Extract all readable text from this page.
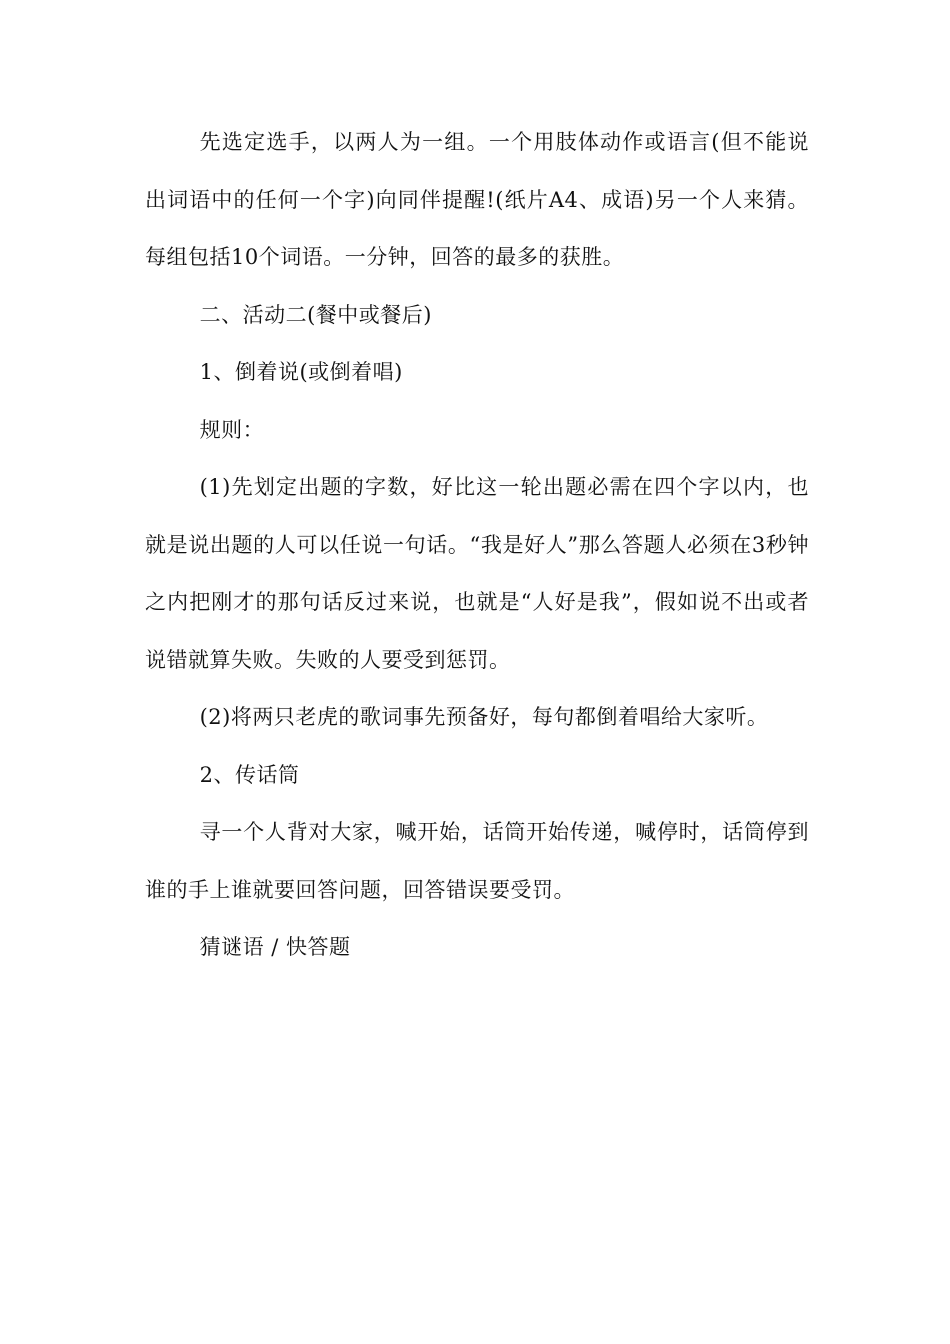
先选定选手，以两人为一组。一个用肢体动作或语言(但不能说出词语中的任何一个字)向同伴提醒!(纸片A4、成语)另一个人来猜。每组包括10个词语。一分钟，回答的最多的获胜。

二、活动二(餐中或餐后)

1、倒着说(或倒着唱)

规则：

(1)先划定出题的字数，好比这一轮出题必需在四个字以内，也就是说出题的人可以任说一句话。“我是好人”那么答题人必须在3秒钟之内把刚才的那句话反过来说，也就是“人好是我”，假如说不出或者说错就算失败。失败的人要受到惩罚。

(2)将两只老虎的歌词事先预备好，每句都倒着唱给大家听。

2、传话筒

寻一个人背对大家，喊开始，话筒开始传递，喊停时，话筒停到谁的手上谁就要回答问题，回答错误要受罚。

猜谜语 / 快答题
